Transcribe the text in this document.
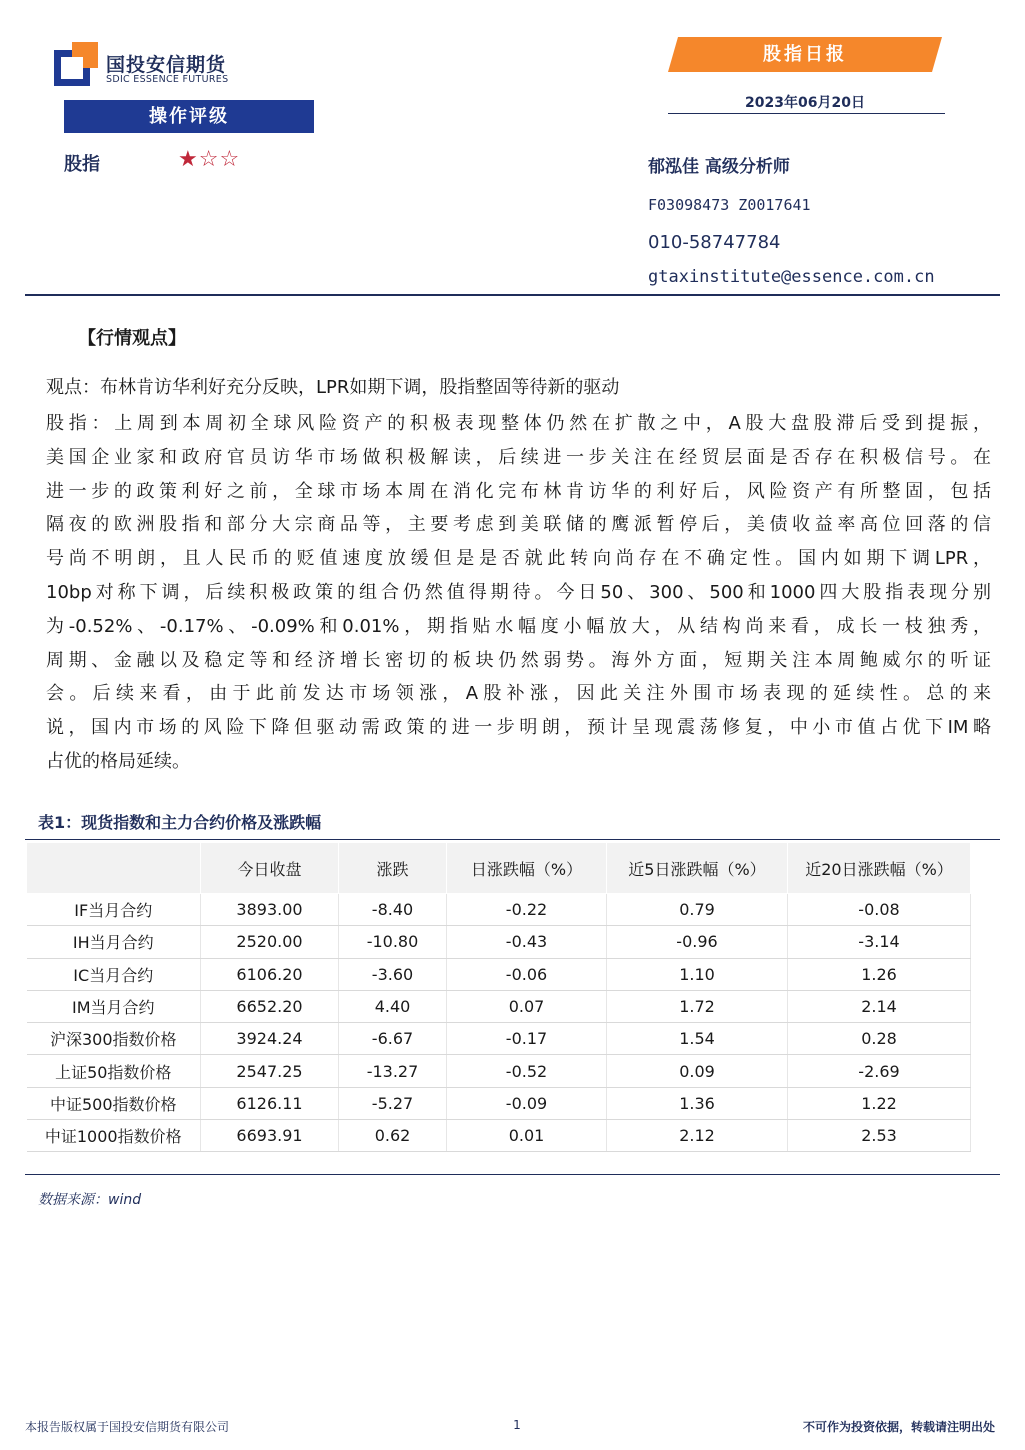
国投安信期货
SDIC ESSENCE FUTURES
股指日报
2023年06月20日
操作评级
股指	★☆☆	郁泓佳 高级分析师
F03098473 Z0017641
010-58747784
gtaxinstitute@essence.com.cn
【行情观点】
观点：布林肯访华利好充分反映，LPR如期下调，股指整固等待新的驱动
股指：上周到本周初全球风险资产的积极表现整体仍然在扩散之中，A股大盘股滞后受到提振，
美国企业家和政府官员访华市场做积极解读，后续进一步关注在经贸层面是否存在积极信号。在
进一步的政策利好之前，全球市场本周在消化完布林肯访华的利好后，风险资产有所整固，包括
隔夜的欧洲股指和部分大宗商品等，主要考虑到美联储的鹰派暂停后，美债收益率高位回落的信
号尚不明朗，且人民币的贬值速度放缓但是是否就此转向尚存在不确定性。国内如期下调LPR，
10bp对称下调，后续积极政策的组合仍然值得期待。今日50、300、500和1000四大股指表现分别
为-0.52%、-0.17%、-0.09%和0.01%，期指贴水幅度小幅放大，从结构尚来看，成长一枝独秀，
周期、金融以及稳定等和经济增长密切的板块仍然弱势。海外方面，短期关注本周鲍威尔的听证
会。后续来看，由于此前发达市场领涨，A股补涨，因此关注外围市场表现的延续性。总的来
说，国内市场的风险下降但驱动需政策的进一步明朗，预计呈现震荡修复，中小市值占优下IM略
占优的格局延续。
表1：现货指数和主力合约价格及涨跌幅
	今日收盘	涨跌	日涨跌幅（%）	近5日涨跌幅（%）	近20日涨跌幅（%）
IF当月合约	3893.00	-8.40	-0.22	0.79	-0.08
IH当月合约	2520.00	-10.80	-0.43	-0.96	-3.14
IC当月合约	6106.20	-3.60	-0.06	1.10	1.26
IM当月合约	6652.20	4.40	0.07	1.72	2.14
沪深300指数价格	3924.24	-6.67	-0.17	1.54	0.28
上证50指数价格	2547.25	-13.27	-0.52	0.09	-2.69
中证500指数价格	6126.11	-5.27	-0.09	1.36	1.22
中证1000指数价格	6693.91	0.62	0.01	2.12	2.53
数据来源：wind
本报告版权属于国投安信期货有限公司	1	不可作为投资依据，转载请注明出处
